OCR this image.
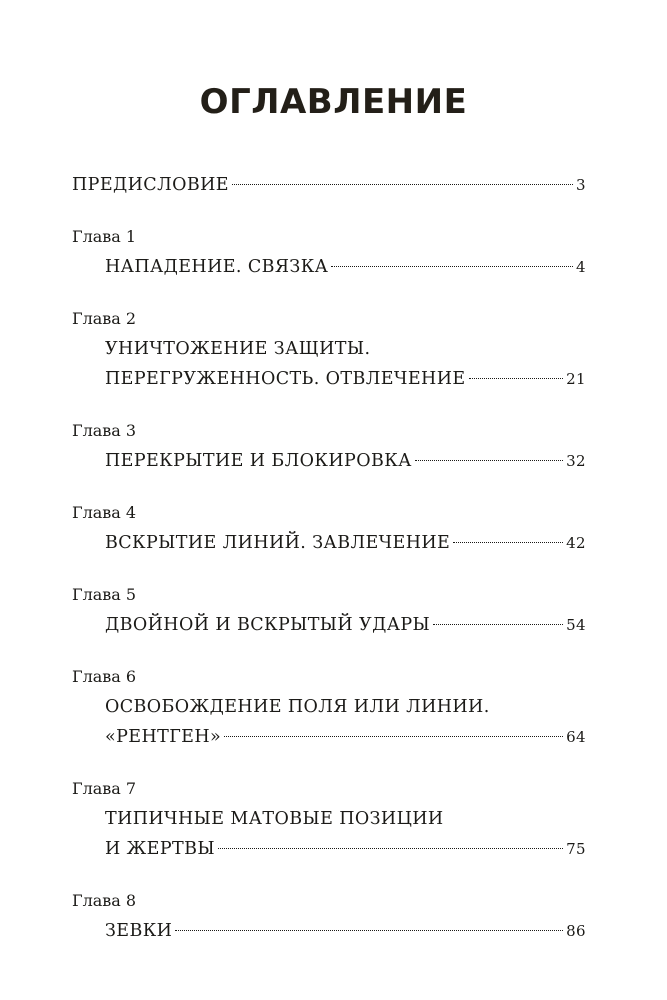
ОГЛАВЛЕНИЕ
ПРЕДИСЛОВИЕ	3
Глава 1
НАПАДЕНИЕ. СВЯЗКА	4
Глава 2
УНИЧТОЖЕНИЕ ЗАЩИТЫ.
ПЕРЕГРУЖЕННОСТЬ. ОТВЛЕЧЕНИЕ	21
Глава 3
ПЕРЕКРЫТИЕ И БЛОКИРОВКА	32
Глава 4
ВСКРЫТИЕ ЛИНИЙ. ЗАВЛЕЧЕНИЕ	42
Глава 5
ДВОЙНОЙ И ВСКРЫТЫЙ УДАРЫ	54
Глава 6
ОСВОБОЖДЕНИЕ ПОЛЯ ИЛИ ЛИНИИ.
«РЕНТГЕН»	64
Глава 7
ТИПИЧНЫЕ МАТОВЫЕ ПОЗИЦИИ
И ЖЕРТВЫ	75
Глава 8
ЗЕВКИ	86
